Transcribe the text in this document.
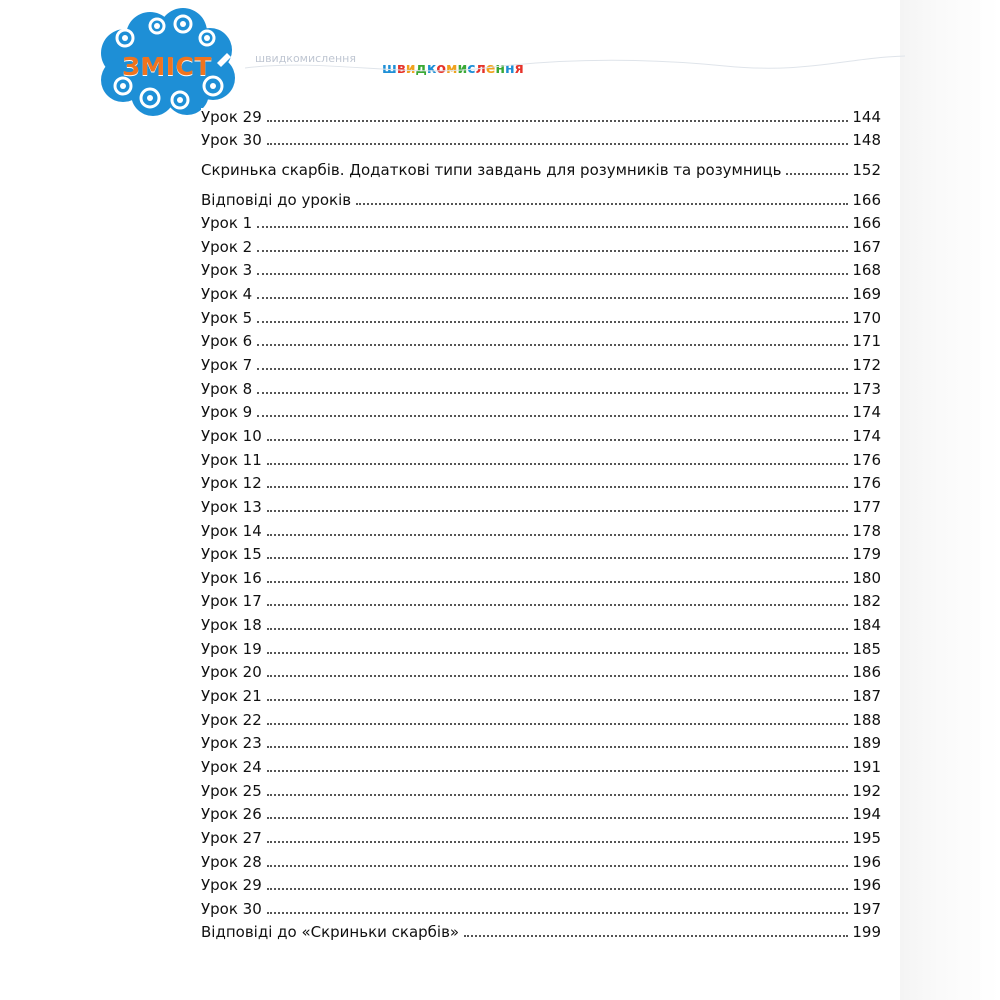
ЗМІСТ	швидкомислення
швидкомислення
Урок 29	144
Урок 30	148
Скринька скарбів. Додаткові типи завдань для розумників та розумниць	152
Відповіді до уроків	166
Урок 1	166
Урок 2	167
Урок 3	168
Урок 4	169
Урок 5	170
Урок 6	171
Урок 7	172
Урок 8	173
Урок 9	174
Урок 10	174
Урок 11	176
Урок 12	176
Урок 13	177
Урок 14	178
Урок 15	179
Урок 16	180
Урок 17	182
Урок 18	184
Урок 19	185
Урок 20	186
Урок 21	187
Урок 22	188
Урок 23	189
Урок 24	191
Урок 25	192
Урок 26	194
Урок 27	195
Урок 28	196
Урок 29	196
Урок 30	197
Відповіді до «Скриньки скарбів»	199
